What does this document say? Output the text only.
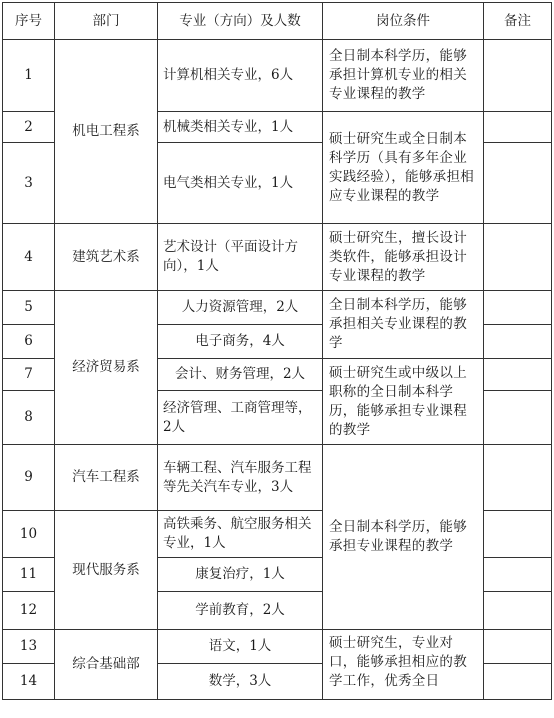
序号	部门	专业（方向）及人数	岗位条件	备注
1	机电工程系	计算机相关专业，6人	全日制本科学历，能够承担计算机专业的相关专业课程的教学	
2		机械类相关专业，1人	硕士研究生或全日制本科学历（具有多年企业实践经验），能够承担相应专业课程的教学	
3		电气类相关专业，1人		
4	建筑艺术系	艺术设计（平面设计方向），1人	硕士研究生，擅长设计类软件，能够承担设计专业课程的教学	
5	经济贸易系	人力资源管理，2人	全日制本科学历，能够承担相关专业课程的教学	
6		电子商务，4人		
7		会计、财务管理，2人	硕士研究生或中级以上职称的全日制本科学历，能够承担专业课程的教学	
8		经济管理、工商管理等，2人		
9	汽车工程系	车辆工程、汽车服务工程等先关汽车专业，3人	全日制本科学历，能够承担专业课程的教学	
10	现代服务系	高铁乘务、航空服务相关专业，1人		
11		康复治疗，1人		
12		学前教育，2人		
13	综合基础部	语文，1人	硕士研究生，专业对口，能够承担相应的教学工作，优秀全日	
14		数学，3人		
